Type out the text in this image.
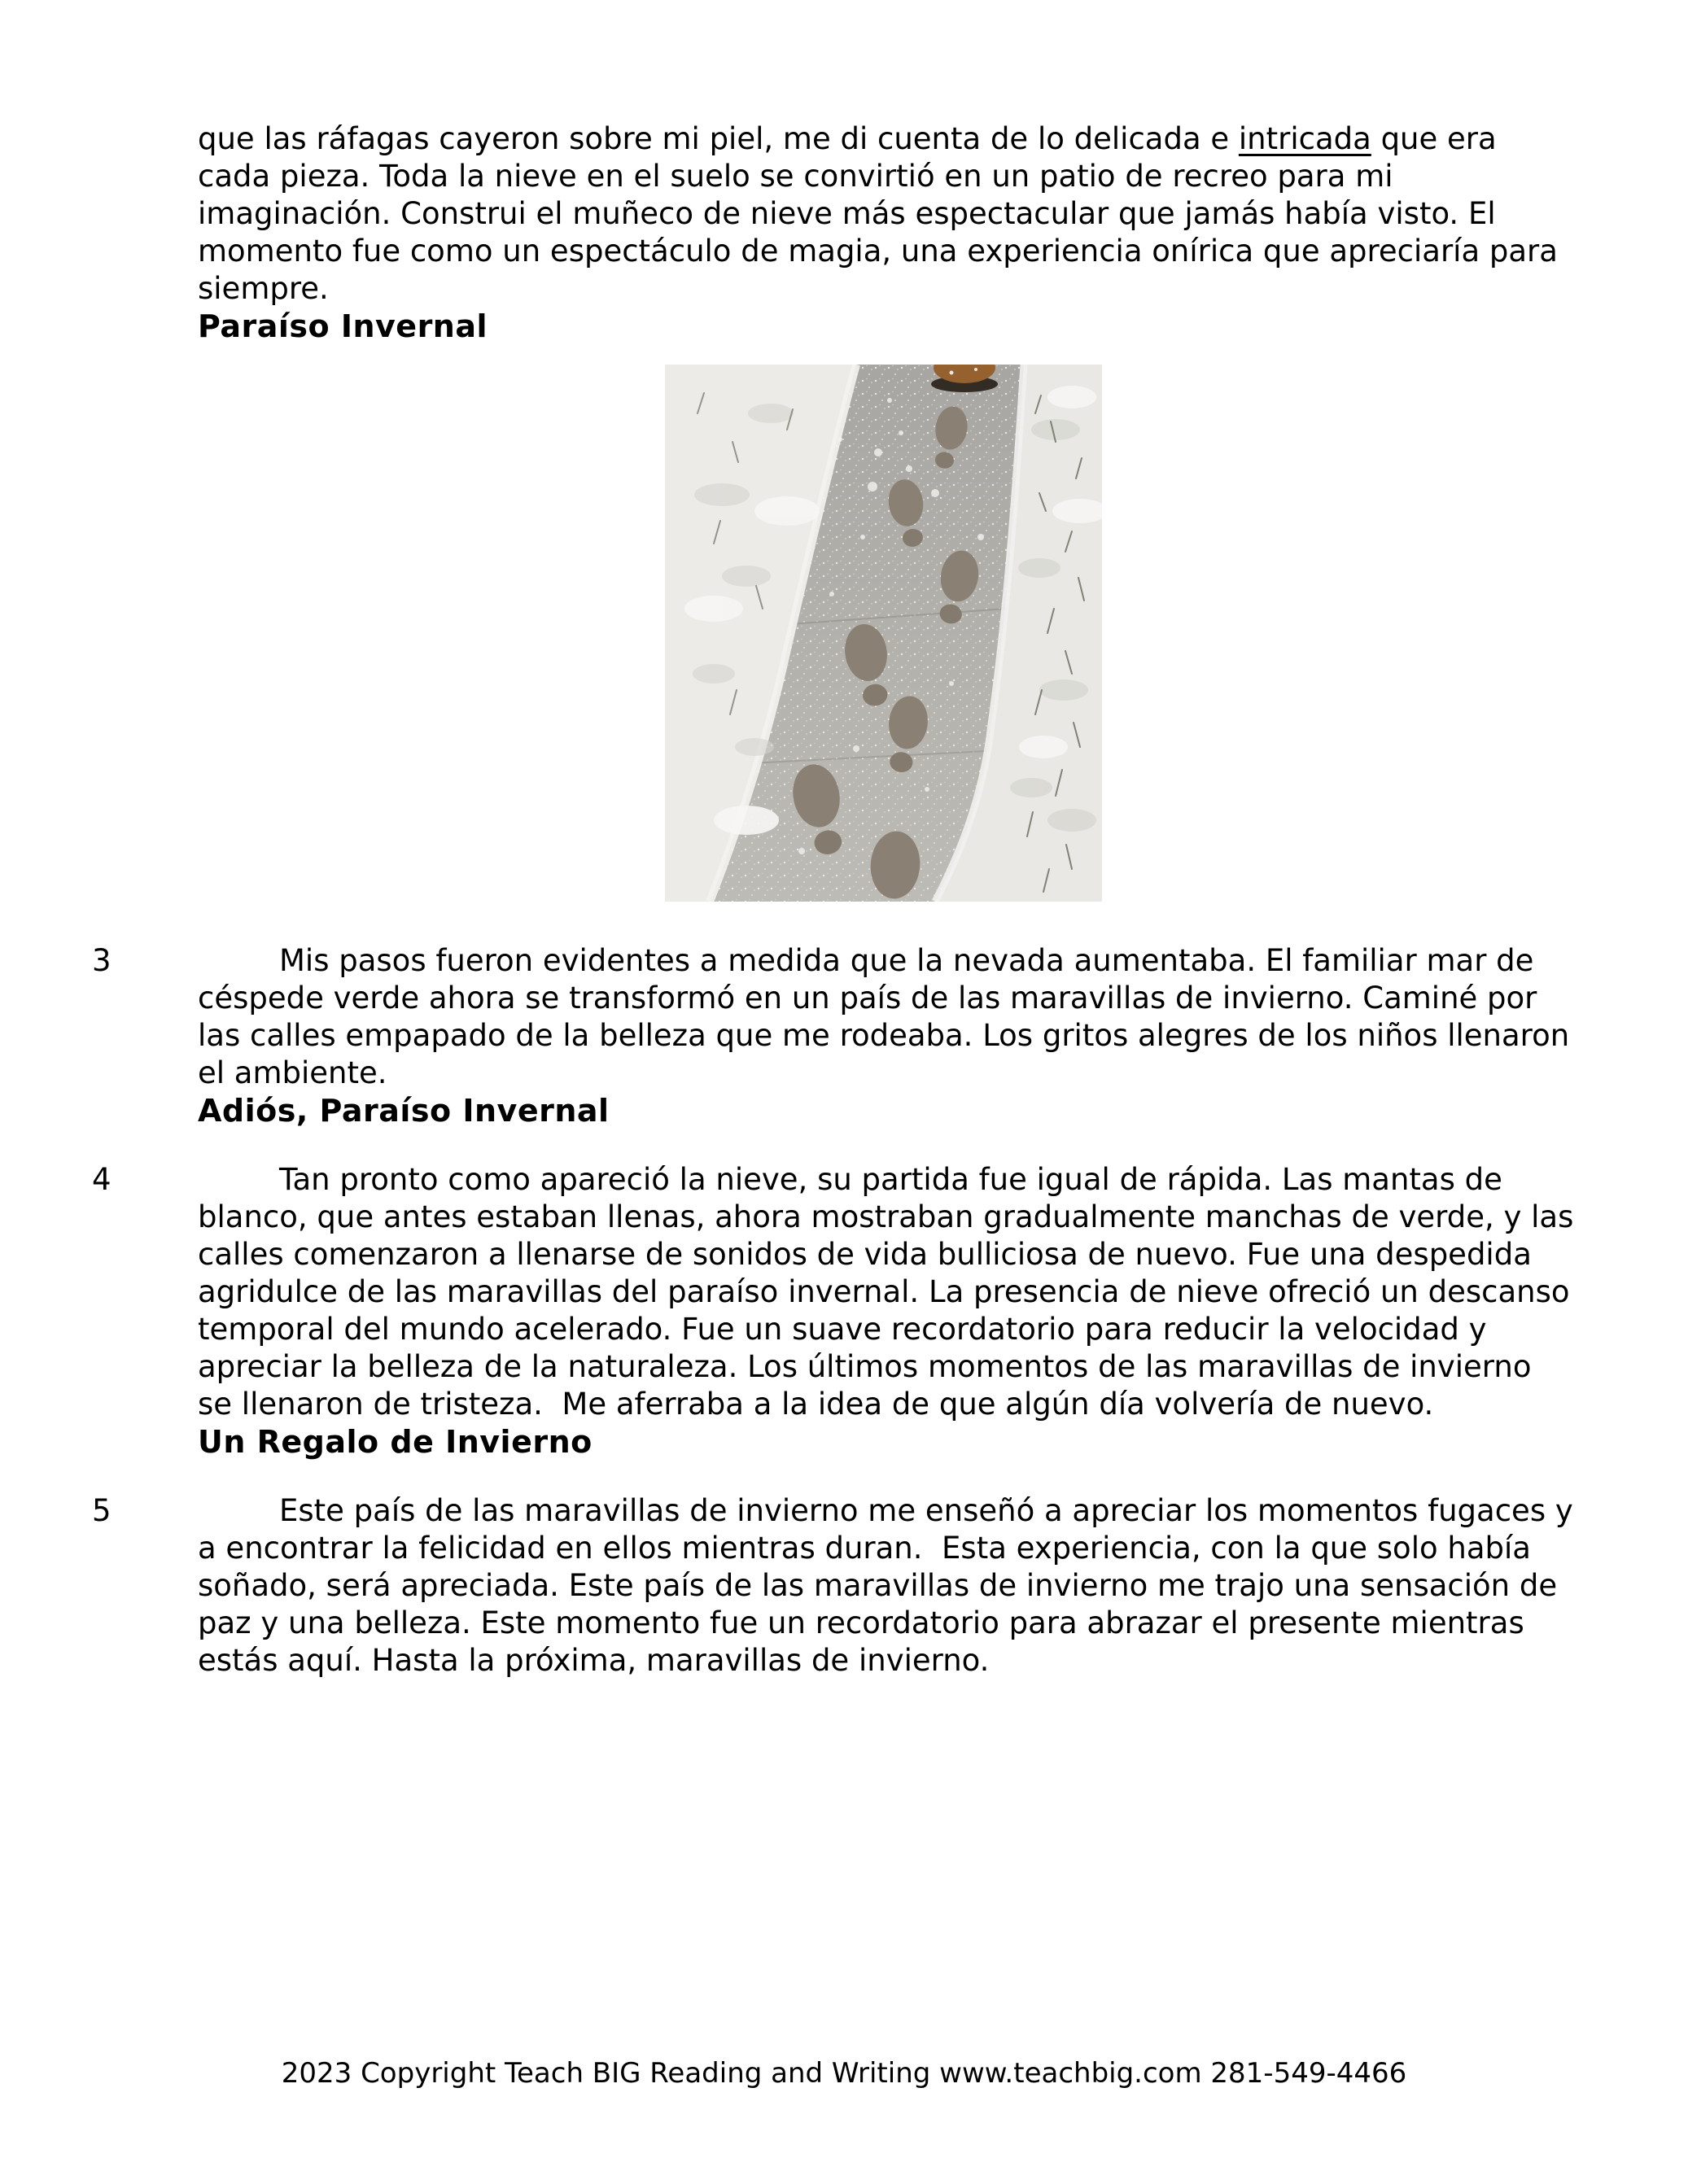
que las ráfagas cayeron sobre mi piel, me di cuenta de lo delicada e intricada que era cada pieza. Toda la nieve en el suelo se convirtió en un patio de recreo para mi imaginación. Construi el muñeco de nieve más espectacular que jamás había visto. El momento fue como un espectáculo de magia, una experiencia onírica que apreciaría para siempre.

Paraíso Invernal

3	Mis pasos fueron evidentes a medida que la nevada aumentaba. El familiar mar de céspede verde ahora se transformó en un país de las maravillas de invierno. Caminé por las calles empapado de la belleza que me rodeaba. Los gritos alegres de los niños llenaron el ambiente.

Adiós, Paraíso Invernal

4	Tan pronto como apareció la nieve, su partida fue igual de rápida. Las mantas de blanco, que antes estaban llenas, ahora mostraban gradualmente manchas de verde, y las calles comenzaron a llenarse de sonidos de vida bulliciosa de nuevo. Fue una despedida agridulce de las maravillas del paraíso invernal. La presencia de nieve ofreció un descanso temporal del mundo acelerado. Fue un suave recordatorio para reducir la velocidad y apreciar la belleza de la naturaleza. Los últimos momentos de las maravillas de invierno se llenaron de tristeza.  Me aferraba a la idea de que algún día volvería de nuevo.

Un Regalo de Invierno

5	Este país de las maravillas de invierno me enseñó a apreciar los momentos fugaces y a encontrar la felicidad en ellos mientras duran.  Esta experiencia, con la que solo había soñado, será apreciada. Este país de las maravillas de invierno me trajo una sensación de paz y una belleza. Este momento fue un recordatorio para abrazar el presente mientras estás aquí. Hasta la próxima, maravillas de invierno.

2023 Copyright Teach BIG Reading and Writing www.teachbig.com 281-549-4466
